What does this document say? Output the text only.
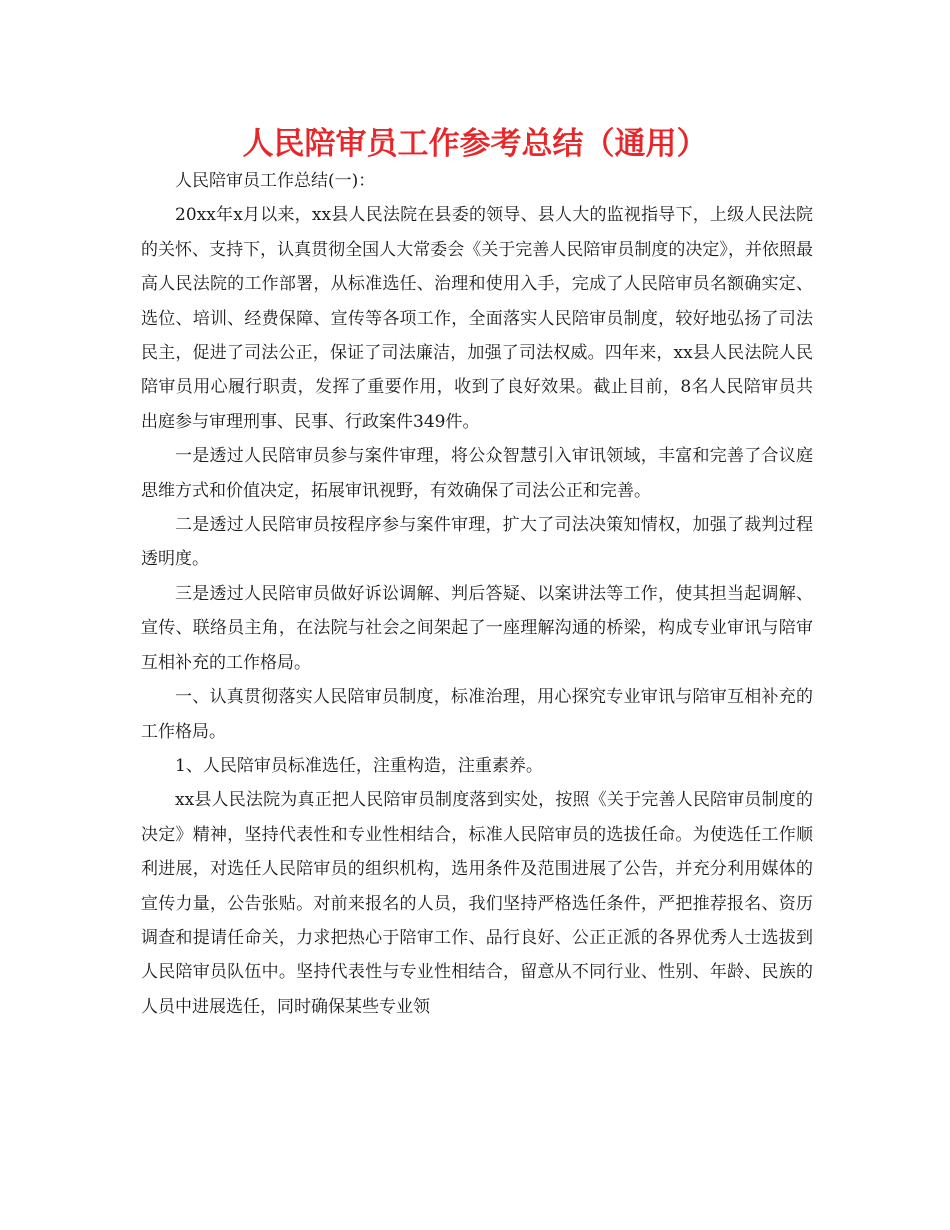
人民陪审员工作参考总结（通用）

人民陪审员工作总结(一)：

20xx年x月以来，xx县人民法院在县委的领导、县人大的监视指导下，上级人民法院的关怀、支持下，认真贯彻全国人大常委会《关于完善人民陪审员制度的决定》，并依照最高人民法院的工作部署，从标准选任、治理和使用入手，完成了人民陪审员名额确实定、选位、培训、经费保障、宣传等各项工作，全面落实人民陪审员制度，较好地弘扬了司法民主，促进了司法公正，保证了司法廉洁，加强了司法权威。四年来，xx县人民法院人民陪审员用心履行职责，发挥了重要作用，收到了良好效果。截止目前，8名人民陪审员共出庭参与审理刑事、民事、行政案件349件。

一是透过人民陪审员参与案件审理，将公众智慧引入审讯领域，丰富和完善了合议庭思维方式和价值决定，拓展审讯视野，有效确保了司法公正和完善。

二是透过人民陪审员按程序参与案件审理，扩大了司法决策知情权，加强了裁判过程透明度。

三是透过人民陪审员做好诉讼调解、判后答疑、以案讲法等工作，使其担当起调解、宣传、联络员主角，在法院与社会之间架起了一座理解沟通的桥梁，构成专业审讯与陪审互相补充的工作格局。

一、认真贯彻落实人民陪审员制度，标准治理，用心探究专业审讯与陪审互相补充的工作格局。

1、人民陪审员标准选任，注重构造，注重素养。

xx县人民法院为真正把人民陪审员制度落到实处，按照《关于完善人民陪审员制度的决定》精神，坚持代表性和专业性相结合，标准人民陪审员的选拔任命。为使选任工作顺利进展，对选任人民陪审员的组织机构，选用条件及范围进展了公告，并充分利用媒体的宣传力量，公告张贴。对前来报名的人员，我们坚持严格选任条件，严把推荐报名、资历调查和提请任命关，力求把热心于陪审工作、品行良好、公正正派的各界优秀人士选拔到人民陪审员队伍中。坚持代表性与专业性相结合，留意从不同行业、性别、年龄、民族的人员中进展选任，同时确保某些专业领
